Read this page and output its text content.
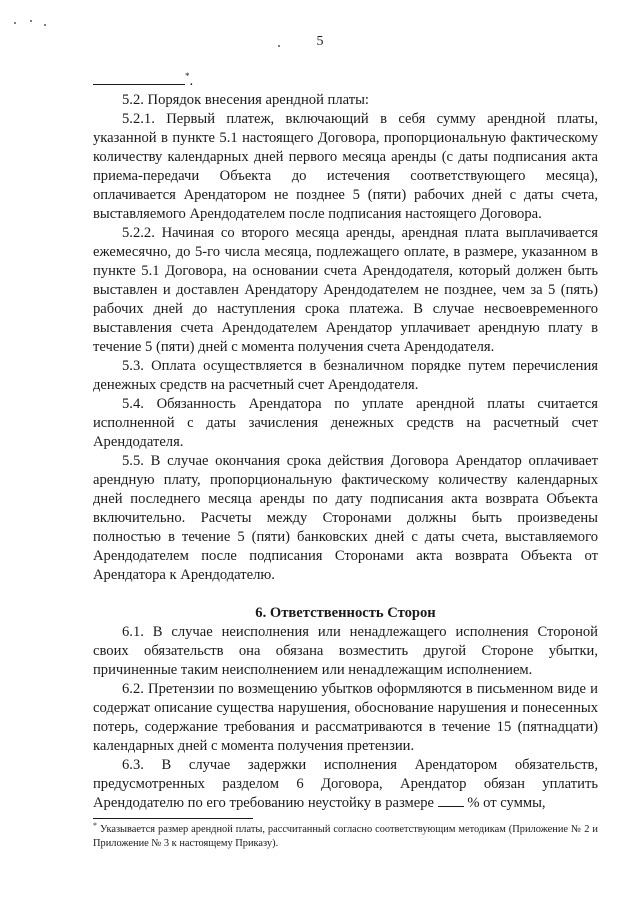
5

*.

5.2. Порядок внесения арендной платы:

5.2.1. Первый платеж, включающий в себя сумму арендной платы, указанной в пункте 5.1 настоящего Договора, пропорциональную фактическому количеству календарных дней первого месяца аренды (с даты подписания акта приема-передачи Объекта до истечения соответствующего месяца), оплачивается Арендатором не позднее 5 (пяти) рабочих дней с даты счета, выставляемого Арендодателем после подписания настоящего Договора.

5.2.2. Начиная со второго месяца аренды, арендная плата выплачивается ежемесячно, до 5-го числа месяца, подлежащего оплате, в размере, указанном в пункте 5.1 Договора, на основании счета Арендодателя, который должен быть выставлен и доставлен Арендатору Арендодателем не позднее, чем за 5 (пять) рабочих дней до наступления срока платежа. В случае несвоевременного выставления счета Арендодателем Арендатор уплачивает арендную плату в течение 5 (пяти) дней с момента получения счета Арендодателя.

5.3. Оплата осуществляется в безналичном порядке путем перечисления денежных средств на расчетный счет Арендодателя.

5.4. Обязанность Арендатора по уплате арендной платы считается исполненной с даты зачисления денежных средств на расчетный счет Арендодателя.

5.5. В случае окончания срока действия Договора Арендатор оплачивает арендную плату, пропорциональную фактическому количеству календарных дней последнего месяца аренды по дату подписания акта возврата Объекта включительно. Расчеты между Сторонами должны быть произведены полностью в течение 5 (пяти) банковских дней с даты счета, выставляемого Арендодателем после подписания Сторонами акта возврата Объекта от Арендатора к Арендодателю.

6. Ответственность Сторон

6.1. В случае неисполнения или ненадлежащего исполнения Стороной своих обязательств она обязана возместить другой Стороне убытки, причиненные таким неисполнением или ненадлежащим исполнением.

6.2. Претензии по возмещению убытков оформляются в письменном виде и содержат описание существа нарушения, обоснование нарушения и понесенных потерь, содержание требования и рассматриваются в течение 15 (пятнадцати) календарных дней с момента получения претензии.

6.3. В случае задержки исполнения Арендатором обязательств, предусмотренных разделом 6 Договора, Арендатор обязан уплатить Арендодателю по его требованию неустойку в размере % от суммы,

* Указывается размер арендной платы, рассчитанный согласно соответствующим методикам (Приложение № 2 и Приложение № 3 к настоящему Приказу).
